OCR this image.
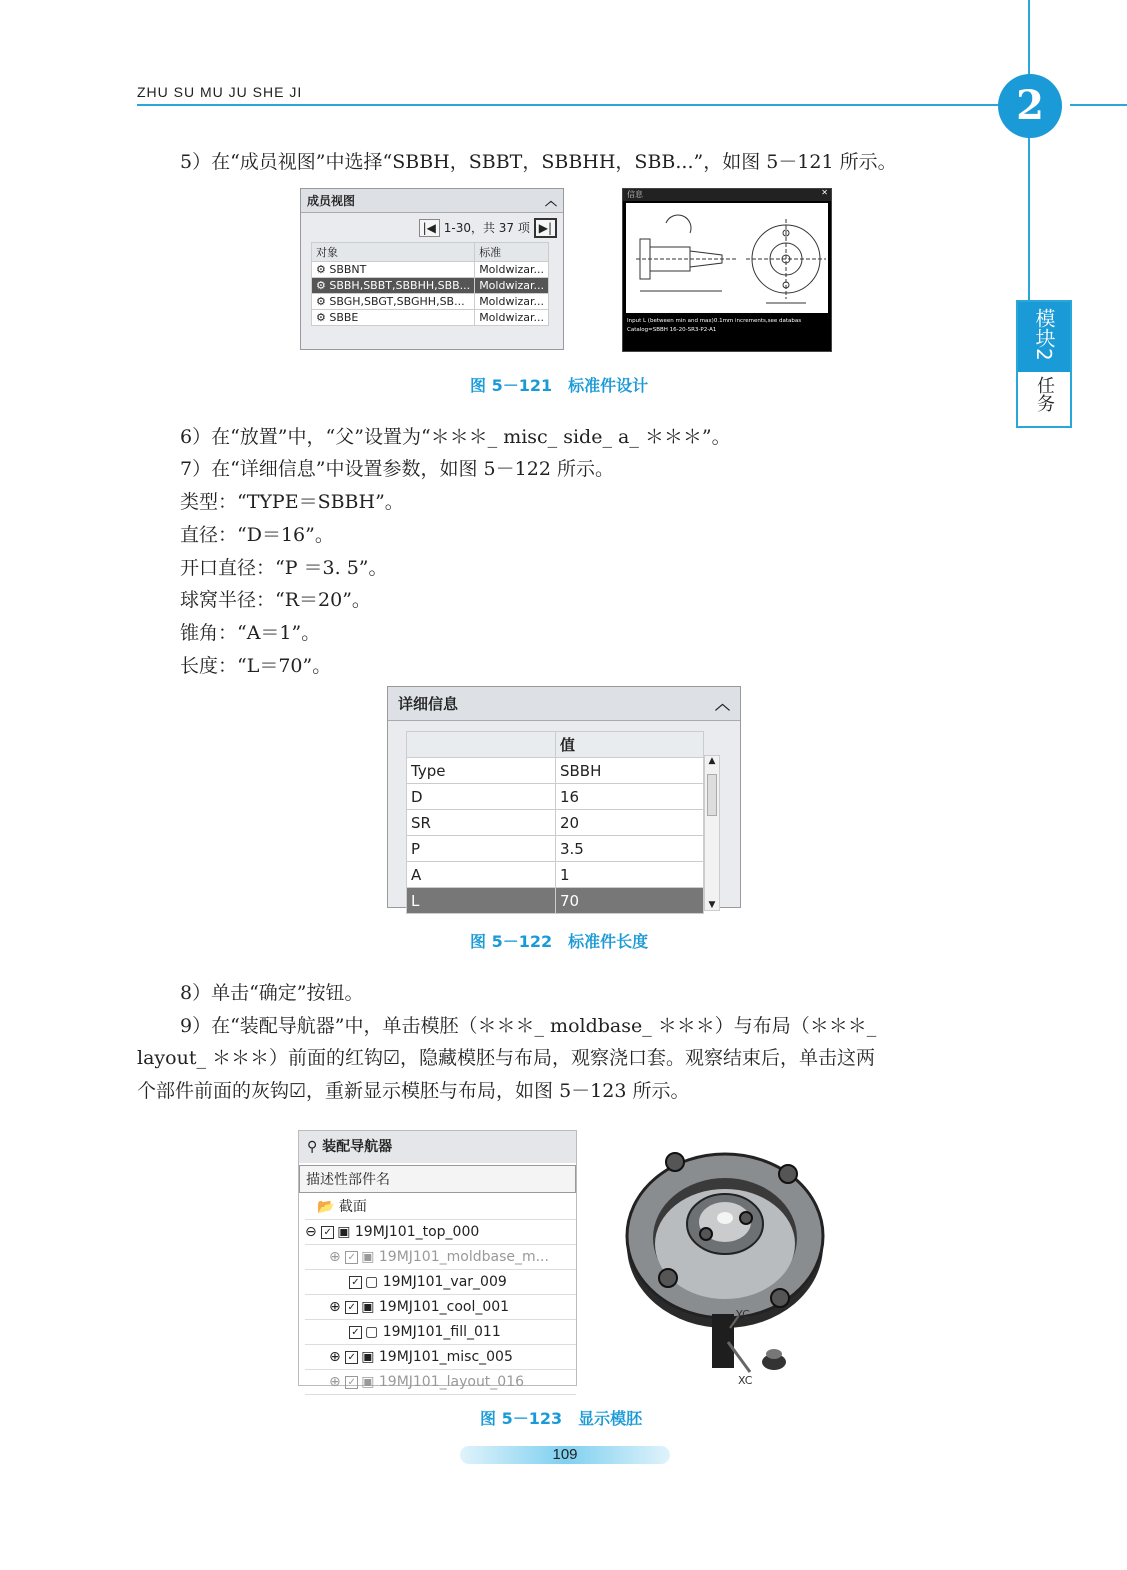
ZHU SU MU JU SHE JI	2
模块2
任务
5）在“成员视图”中选择“SBBH，SBBT，SBBHH，SBB...”，如图 5－121 所示。
成员视图	︿
|◀ 1-30，共 37 项 ▶|
对象	标准
⚙ SBBNT	Moldwizar...
⚙ SBBH,SBBT,SBBHH,SBB...	Moldwizar...
⚙ SBGH,SBGT,SBGHH,SB...	Moldwizar...
⚙ SBBE	Moldwizar...
信息	✕
Input L (between min and max)0.1mm increments,see databas
Catalog=SBBH 16-20-SR3-P2-A1
图 5－121　标准件设计
6）在“放置”中，“父”设置为“＊＊＊_ misc_ side_ a_ ＊＊＊”。
7）在“详细信息”中设置参数，如图 5－122 所示。
类型：“TYPE＝SBBH”。
直径：“D＝16”。
开口直径：“P ＝3. 5”。
球窝半径：“R＝20”。
锥角：“A＝1”。
长度：“L＝70”。
详细信息	︿
	值
Type	SBBH
D	16
SR	20
P	3.5
A	1
L	70
▲
▼
图 5－122　标准件长度
8）单击“确定”按钮。
9）在“装配导航器”中，单击模胚（＊＊＊_ moldbase_ ＊＊＊）与布局（＊＊＊_
layout_ ＊＊＊）前面的红钩☑，隐藏模胚与布局，观察浇口套。观察结束后，单击这两
个部件前面的灰钩☑，重新显示模胚与布局，如图 5－123 所示。
⚲ 装配导航器
描述性部件名
📂 截面
⊖ ✓ ▣ 19MJ101_top_000
⊕ ✓ ▣ 19MJ101_moldbase_m...
✓ ▢ 19MJ101_var_009
⊕ ✓ ▣ 19MJ101_cool_001
✓ ▢ 19MJ101_fill_011
⊕ ✓ ▣ 19MJ101_misc_005
⊕ ✓ ▣ 19MJ101_layout_016
YC
XC
图 5－123　显示模胚
109
